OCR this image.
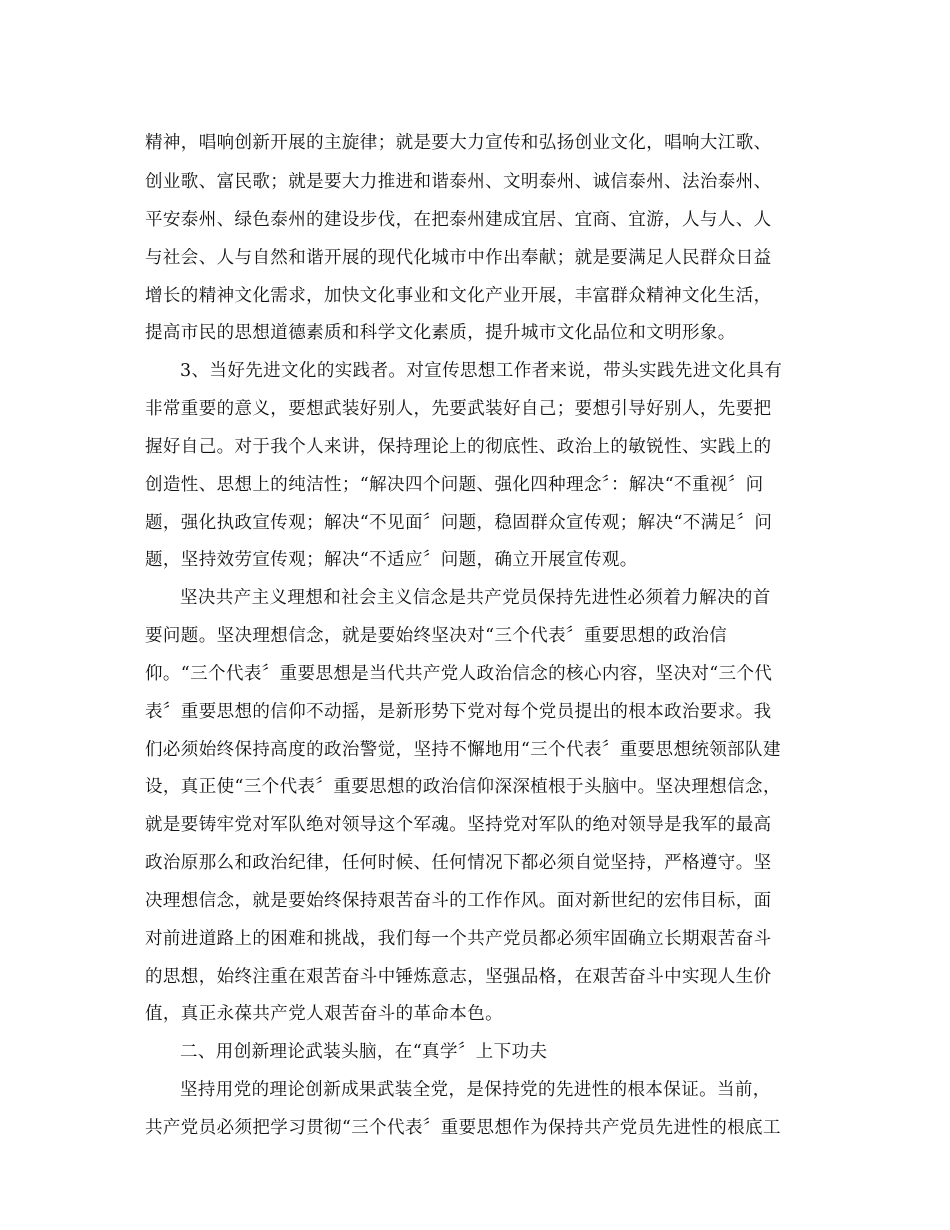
精神，唱响创新开展的主旋律；就是要大力宣传和弘扬创业文化，唱响大江歌、
创业歌、富民歌；就是要大力推进和谐泰州、文明泰州、诚信泰州、法治泰州、
平安泰州、绿色泰州的建设步伐，在把泰州建成宜居、宜商、宜游，人与人、人
与社会、人与自然和谐开展的现代化城市中作出奉献；就是要满足人民群众日益
增长的精神文化需求，加快文化事业和文化产业开展，丰富群众精神文化生活，
提高市民的思想道德素质和科学文化素质，提升城市文化品位和文明形象。
3、当好先进文化的实践者。对宣传思想工作者来说，带头实践先进文化具有
非常重要的意义，要想武装好别人，先要武装好自己；要想引导好别人，先要把
握好自己。对于我个人来讲，保持理论上的彻底性、政治上的敏锐性、实践上的
创造性、思想上的纯洁性；“解决四个问题、强化四种理念〞：解决“不重视〞问
题，强化执政宣传观；解决“不见面〞问题，稳固群众宣传观；解决“不满足〞问
题，坚持效劳宣传观；解决“不适应〞问题，确立开展宣传观。
坚决共产主义理想和社会主义信念是共产党员保持先进性必须着力解决的首
要问题。坚决理想信念，就是要始终坚决对“三个代表〞重要思想的政治信
仰。“三个代表〞重要思想是当代共产党人政治信念的核心内容，坚决对“三个代
表〞重要思想的信仰不动摇，是新形势下党对每个党员提出的根本政治要求。我
们必须始终保持高度的政治警觉，坚持不懈地用“三个代表〞重要思想统领部队建
设，真正使“三个代表〞重要思想的政治信仰深深植根于头脑中。坚决理想信念，
就是要铸牢党对军队绝对领导这个军魂。坚持党对军队的绝对领导是我军的最高
政治原那么和政治纪律，任何时候、任何情况下都必须自觉坚持，严格遵守。坚
决理想信念，就是要始终保持艰苦奋斗的工作作风。面对新世纪的宏伟目标，面
对前进道路上的困难和挑战，我们每一个共产党员都必须牢固确立长期艰苦奋斗
的思想，始终注重在艰苦奋斗中锤炼意志，坚强品格，在艰苦奋斗中实现人生价
值，真正永葆共产党人艰苦奋斗的革命本色。
二、用创新理论武装头脑，在“真学〞上下功夫
坚持用党的理论创新成果武装全党，是保持党的先进性的根本保证。当前，
共产党员必须把学习贯彻“三个代表〞重要思想作为保持共产党员先进性的根底工
